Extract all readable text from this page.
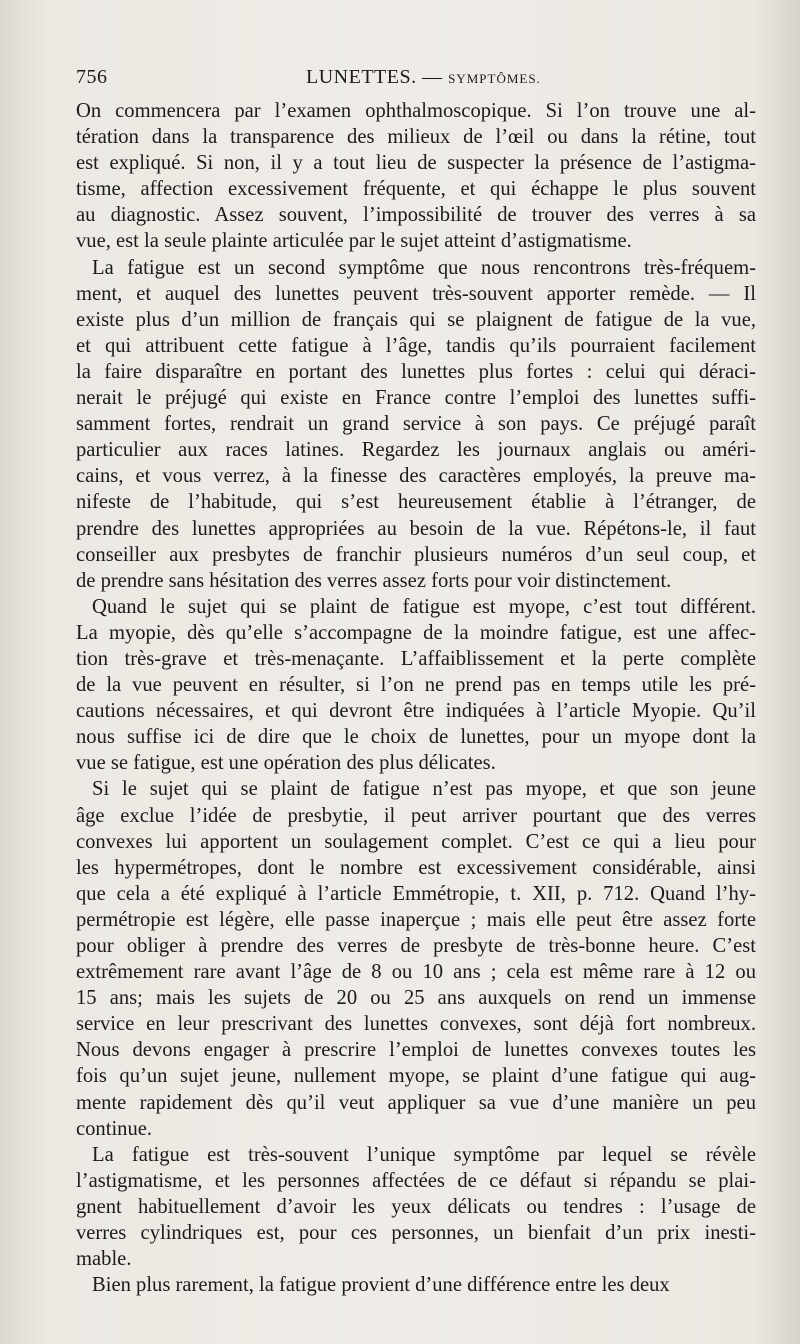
756	LUNETTES. — SYMPTÔMES.
On commencera par l’examen ophthalmoscopique. Si l’on trouve une al-
tération dans la transparence des milieux de l’œil ou dans la rétine, tout
est expliqué. Si non, il y a tout lieu de suspecter la présence de l’astigma-
tisme, affection excessivement fréquente, et qui échappe le plus souvent
au diagnostic. Assez souvent, l’impossibilité de trouver des verres à sa
vue, est la seule plainte articulée par le sujet atteint d’astigmatisme.
La fatigue est un second symptôme que nous rencontrons très-fréquem-
ment, et auquel des lunettes peuvent très-souvent apporter remède. — Il
existe plus d’un million de français qui se plaignent de fatigue de la vue,
et qui attribuent cette fatigue à l’âge, tandis qu’ils pourraient facilement
la faire disparaître en portant des lunettes plus fortes : celui qui déraci-
nerait le préjugé qui existe en France contre l’emploi des lunettes suffi-
samment fortes, rendrait un grand service à son pays. Ce préjugé paraît
particulier aux races latines. Regardez les journaux anglais ou améri-
cains, et vous verrez, à la finesse des caractères employés, la preuve ma-
nifeste de l’habitude, qui s’est heureusement établie à l’étranger, de
prendre des lunettes appropriées au besoin de la vue. Répétons-le, il faut
conseiller aux presbytes de franchir plusieurs numéros d’un seul coup, et
de prendre sans hésitation des verres assez forts pour voir distinctement.
Quand le sujet qui se plaint de fatigue est myope, c’est tout différent.
La myopie, dès qu’elle s’accompagne de la moindre fatigue, est une affec-
tion très-grave et très-menaçante. L’affaiblissement et la perte complète
de la vue peuvent en résulter, si l’on ne prend pas en temps utile les pré-
cautions nécessaires, et qui devront être indiquées à l’article Myopie. Qu’il
nous suffise ici de dire que le choix de lunettes, pour un myope dont la
vue se fatigue, est une opération des plus délicates.
Si le sujet qui se plaint de fatigue n’est pas myope, et que son jeune
âge exclue l’idée de presbytie, il peut arriver pourtant que des verres
convexes lui apportent un soulagement complet. C’est ce qui a lieu pour
les hypermétropes, dont le nombre est excessivement considérable, ainsi
que cela a été expliqué à l’article Emmétropie, t. XII, p. 712. Quand l’hy-
permétropie est légère, elle passe inaperçue ; mais elle peut être assez forte
pour obliger à prendre des verres de presbyte de très-bonne heure. C’est
extrêmement rare avant l’âge de 8 ou 10 ans ; cela est même rare à 12 ou
15 ans; mais les sujets de 20 ou 25 ans auxquels on rend un immense
service en leur prescrivant des lunettes convexes, sont déjà fort nombreux.
Nous devons engager à prescrire l’emploi de lunettes convexes toutes les
fois qu’un sujet jeune, nullement myope, se plaint d’une fatigue qui aug-
mente rapidement dès qu’il veut appliquer sa vue d’une manière un peu
continue.
La fatigue est très-souvent l’unique symptôme par lequel se révèle
l’astigmatisme, et les personnes affectées de ce défaut si répandu se plai-
gnent habituellement d’avoir les yeux délicats ou tendres : l’usage de
verres cylindriques est, pour ces personnes, un bienfait d’un prix inesti-
mable.
Bien plus rarement, la fatigue provient d’une différence entre les deux
